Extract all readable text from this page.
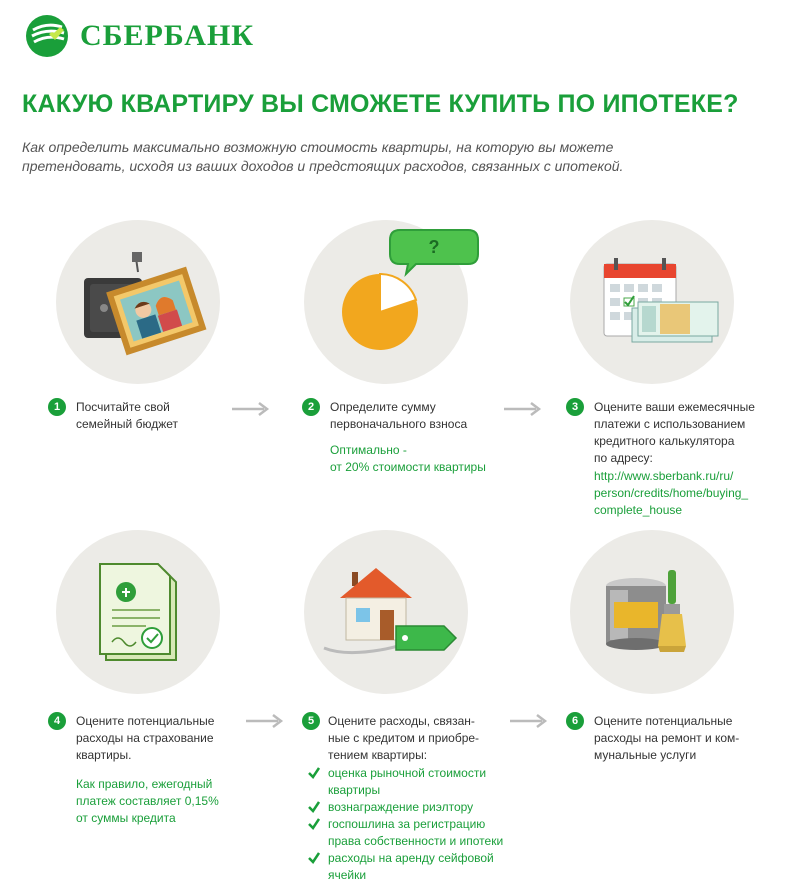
СБЕРБАНК
КАКУЮ КВАРТИРУ ВЫ СМОЖЕТЕ КУПИТЬ ПО ИПОТЕКЕ?
Как определить максимально возможную стоимость квартиры, на которую вы можете
претендовать, исходя из ваших доходов и предстоящих расходов, связанных с ипотекой.
?
1	Посчитайте свой
семейный бюджет
2	Определите сумму
первоначального взноса
Оптимально -
от 20% стоимости квартиры
3	Оцените ваши ежемесячные
платежи с использованием
кредитного калькулятора
по адресу:
http://www.sberbank.ru/ru/
person/credits/home/buying_
complete_house
4	Оцените потенциальные
расходы на страхование
квартиры.
Как правило, ежегодный
платеж составляет 0,15%
от суммы кредита
5	Оцените расходы, связан-
ные с кредитом и приобре-
тением квартиры:
оценка рыночной стоимости
квартиры
вознаграждение риэлтору
госпошлина за регистрацию
права собственности и ипотеки
расходы на аренду сейфовой
ячейки
6	Оцените потенциальные
расходы на ремонт и ком-
мунальные услуги
